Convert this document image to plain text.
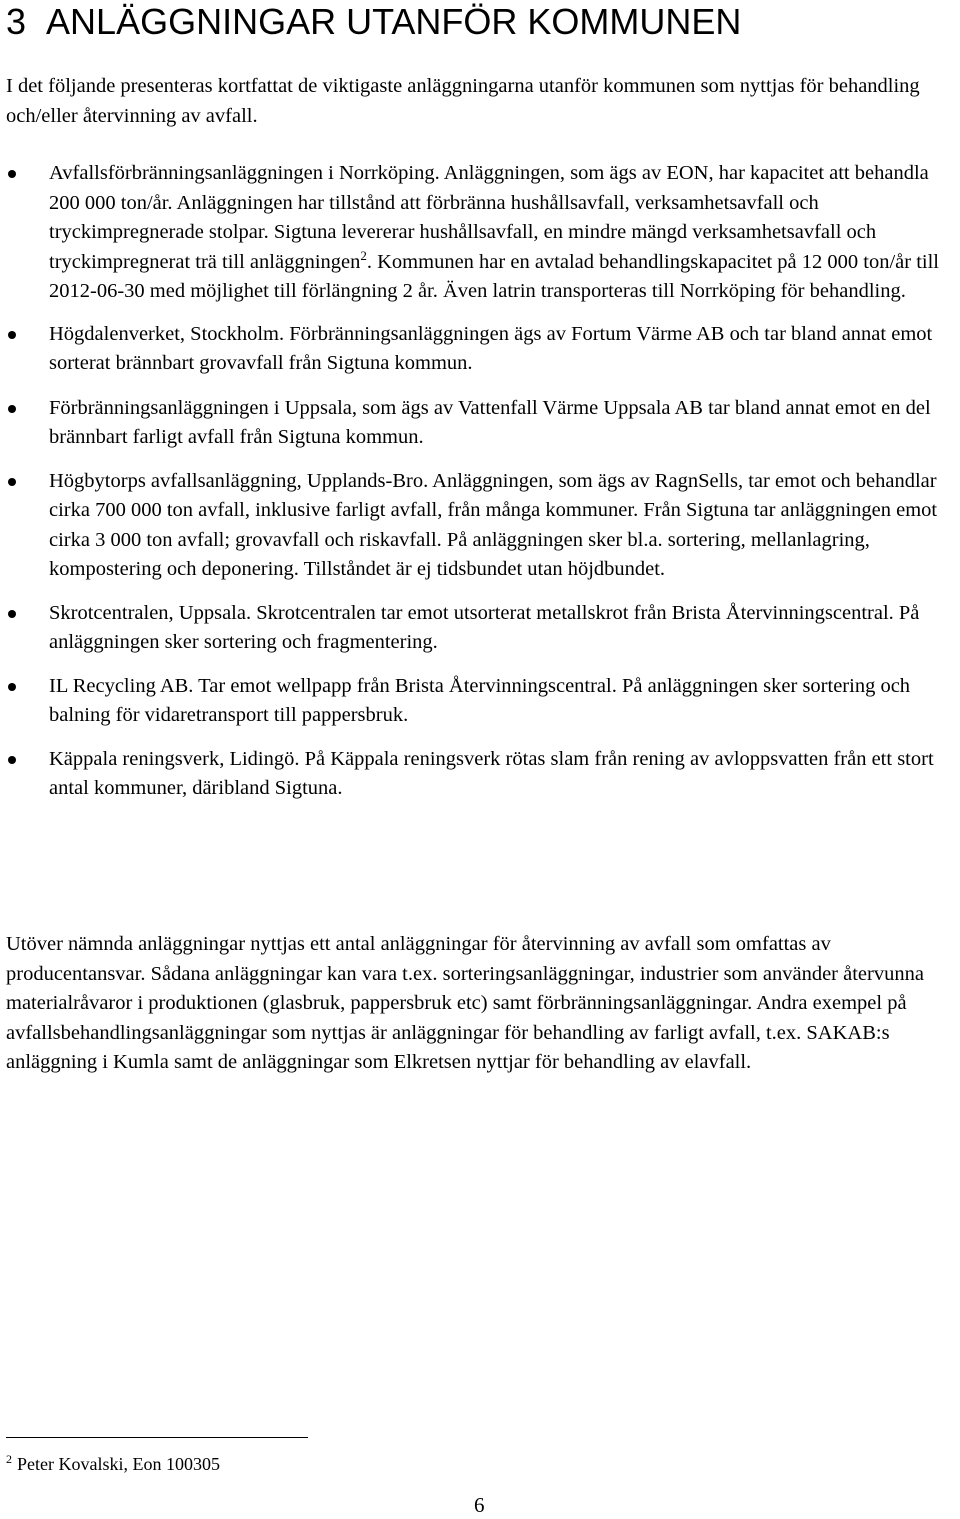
3 ANLÄGGNINGAR UTANFÖR KOMMUNEN

I det följande presenteras kortfattat de viktigaste anläggningarna utanför kommunen som nyttjas för behandling och/eller återvinning av avfall.

Avfallsförbränningsanläggningen i Norrköping. Anläggningen, som ägs av EON, har kapacitet att behandla 200 000 ton/år. Anläggningen har tillstånd att förbränna hushållsavfall, verksamhetsavfall och tryckimpregnerade stolpar. Sigtuna levererar hushållsavfall, en mindre mängd verksamhetsavfall och tryckimpregnerat trä till anläggningen$^2$. Kommunen har en avtalad behandlingskapacitet på 12 000 ton/år till 2012-06-30 med möjlighet till förlängning 2 år. Även latrin transporteras till Norrköping för behandling.
Högdalenverket, Stockholm. Förbränningsanläggningen ägs av Fortum Värme AB och tar bland annat emot sorterat brännbart grovavfall från Sigtuna kommun.
Förbränningsanläggningen i Uppsala, som ägs av Vattenfall Värme Uppsala AB tar bland annat emot en del brännbart farligt avfall från Sigtuna kommun.
Högbytorps avfallsanläggning, Upplands-Bro. Anläggningen, som ägs av RagnSells, tar emot och behandlar cirka 700 000 ton avfall, inklusive farligt avfall, från många kommuner. Från Sigtuna tar anläggningen emot cirka 3 000 ton avfall; grovavfall och riskavfall. På anläggningen sker bl.a. sortering, mellanlagring, kompostering och deponering. Tillståndet är ej tidsbundet utan höjdbundet.
Skrotcentralen, Uppsala. Skrotcentralen tar emot utsorterat metallskrot från Brista Återvinningscentral. På anläggningen sker sortering och fragmentering.
IL Recycling AB. Tar emot wellpapp från Brista Återvinningscentral. På anläggningen sker sortering och balning för vidaretransport till pappersbruk.
Käppala reningsverk, Lidingö. På Käppala reningsverk rötas slam från rening av avloppsvatten från ett stort antal kommuner, däribland Sigtuna.

Utöver nämnda anläggningar nyttjas ett antal anläggningar för återvinning av avfall som omfattas av producentansvar. Sådana anläggningar kan vara t.ex. sorteringsanläggningar, industrier som använder återvunna materialråvaror i produktionen (glasbruk, pappersbruk etc) samt förbränningsanläggningar. Andra exempel på avfallsbehandlingsanläggningar som nyttjas är anläggningar för behandling av farligt avfall, t.ex. SAKAB:s anläggning i Kumla samt de anläggningar som Elkretsen nyttjar för behandling av elavfall.

$^2$ Peter Kovalski, Eon 100305

6
